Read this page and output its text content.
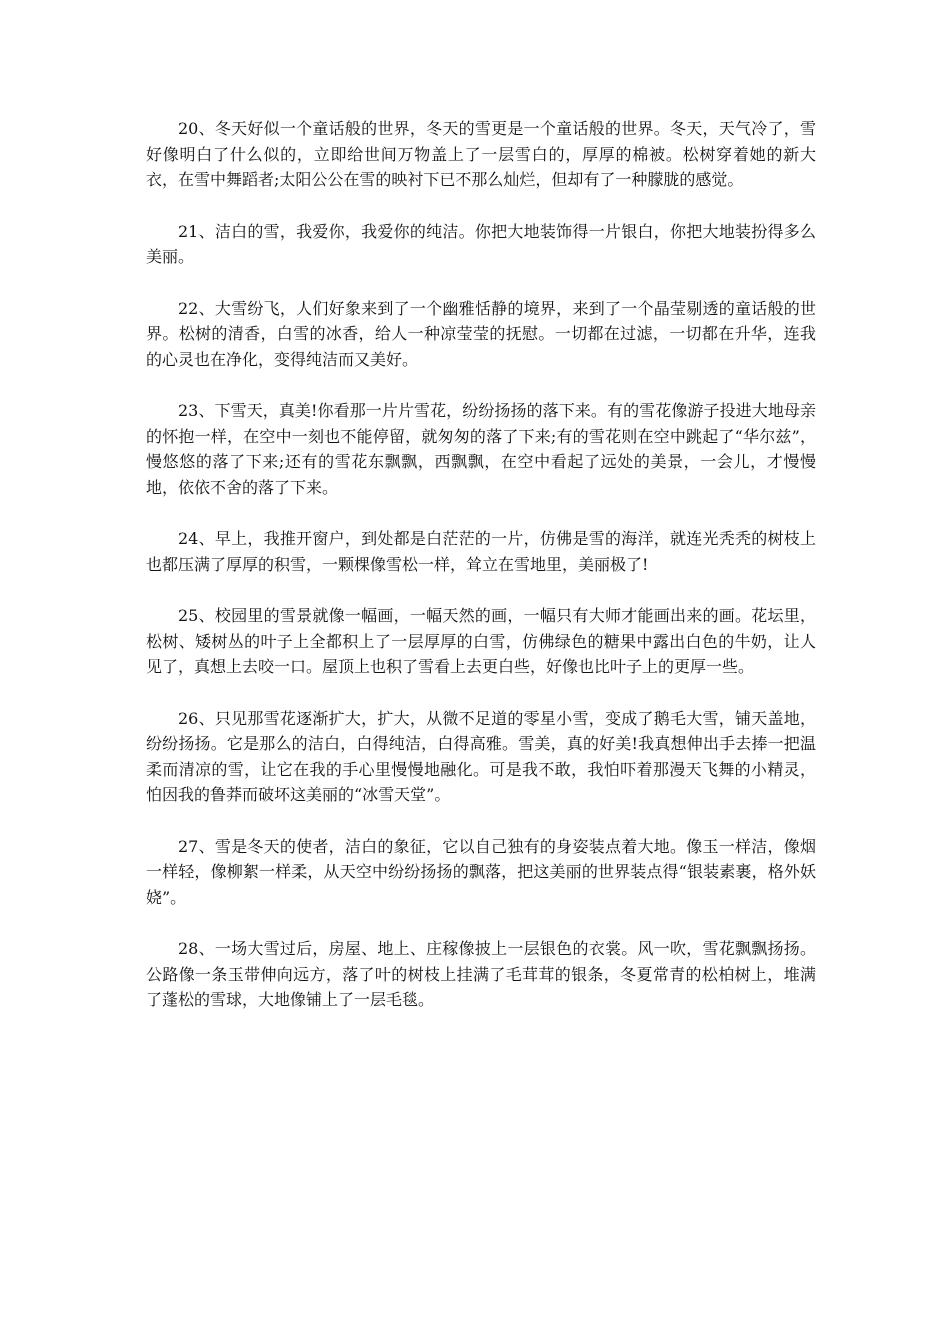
20、冬天好似一个童话般的世界，冬天的雪更是一个童话般的世界。冬天，天气冷了，雪好像明白了什么似的，立即给世间万物盖上了一层雪白的，厚厚的棉被。松树穿着她的新大衣，在雪中舞蹈者;太阳公公在雪的映衬下已不那么灿烂，但却有了一种朦胧的感觉。

21、洁白的雪，我爱你，我爱你的纯洁。你把大地装饰得一片银白，你把大地装扮得多么美丽。

22、大雪纷飞，人们好象来到了一个幽雅恬静的境界，来到了一个晶莹剔透的童话般的世界。松树的清香，白雪的冰香，给人一种凉莹莹的抚慰。一切都在过滤，一切都在升华，连我的心灵也在净化，变得纯洁而又美好。

23、下雪天，真美!你看那一片片雪花，纷纷扬扬的落下来。有的雪花像游子投进大地母亲的怀抱一样，在空中一刻也不能停留，就匆匆的落了下来;有的雪花则在空中跳起了“华尔兹”，慢悠悠的落了下来;还有的雪花东飘飘，西飘飘，在空中看起了远处的美景，一会儿，才慢慢地，依依不舍的落了下来。

24、早上，我推开窗户，到处都是白茫茫的一片，仿佛是雪的海洋，就连光秃秃的树枝上也都压满了厚厚的积雪，一颗棵像雪松一样，耸立在雪地里，美丽极了!

25、校园里的雪景就像一幅画，一幅天然的画，一幅只有大师才能画出来的画。花坛里，松树、矮树丛的叶子上全都积上了一层厚厚的白雪，仿佛绿色的糖果中露出白色的牛奶，让人见了，真想上去咬一口。屋顶上也积了雪看上去更白些，好像也比叶子上的更厚一些。

26、只见那雪花逐渐扩大，扩大，从微不足道的零星小雪，变成了鹅毛大雪，铺天盖地，纷纷扬扬。它是那么的洁白，白得纯洁，白得高雅。雪美，真的好美!我真想伸出手去捧一把温柔而清凉的雪，让它在我的手心里慢慢地融化。可是我不敢，我怕吓着那漫天飞舞的小精灵，怕因我的鲁莽而破坏这美丽的“冰雪天堂”。

27、雪是冬天的使者，洁白的象征，它以自己独有的身姿装点着大地。像玉一样洁，像烟一样轻，像柳絮一样柔，从天空中纷纷扬扬的飘落，把这美丽的世界装点得“银装素裹，格外妖娆”。

28、一场大雪过后，房屋、地上、庄稼像披上一层银色的衣裳。风一吹，雪花飘飘扬扬。公路像一条玉带伸向远方，落了叶的树枝上挂满了毛茸茸的银条，冬夏常青的松柏树上，堆满了蓬松的雪球，大地像铺上了一层毛毯。
